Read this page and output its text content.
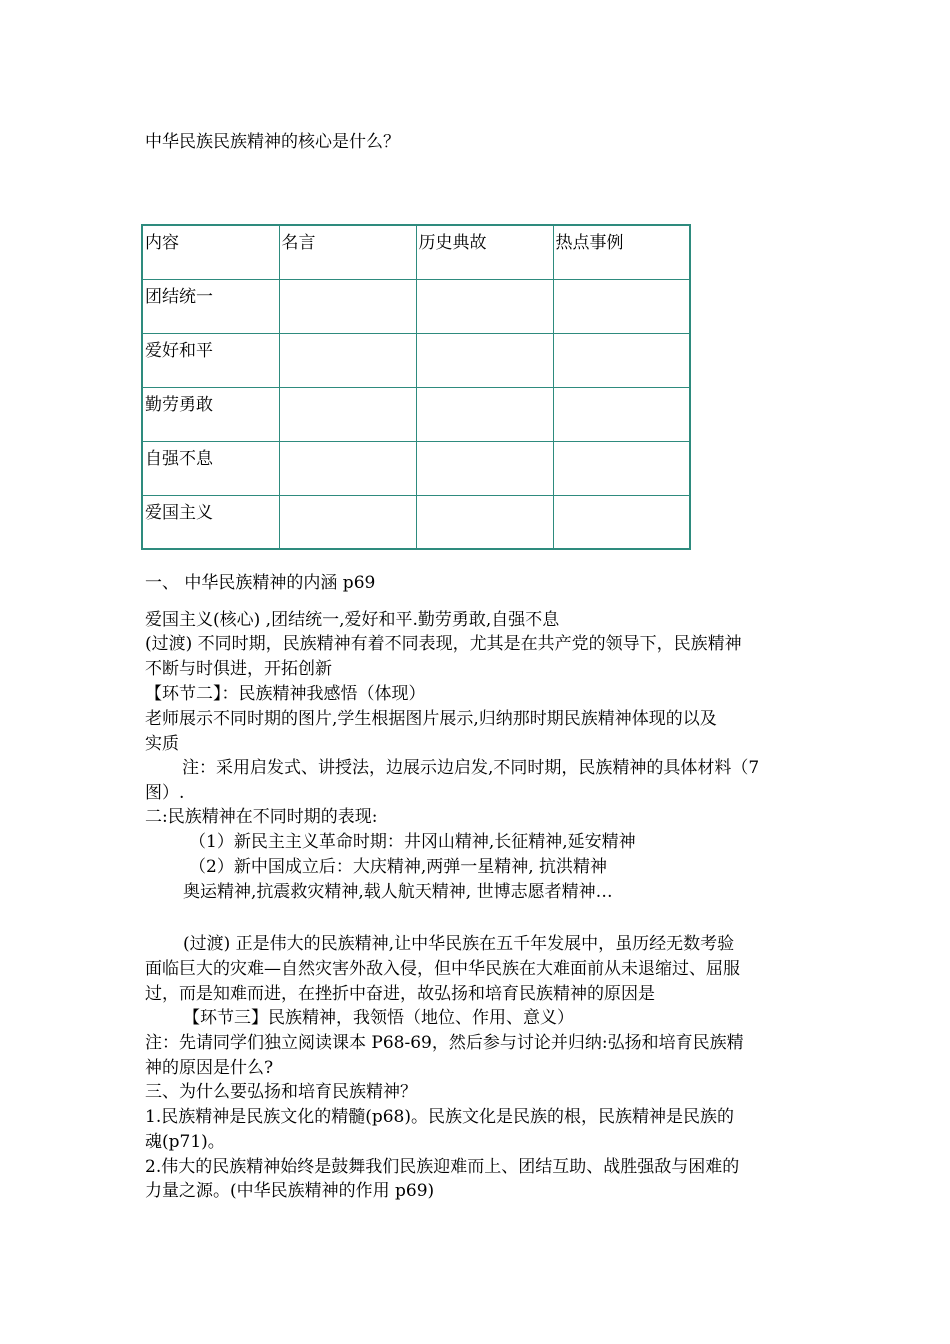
中华民族民族精神的核心是什么？
内容	名言	历史典故	热点事例
团结统一			
爱好和平			
勤劳勇敢			
自强不息			
爱国主义			
一、 中华民族精神的内涵 p69
爱国主义(核心) ,团结统一,爱好和平.勤劳勇敢,自强不息
(过渡) 不同时期，民族精神有着不同表现，尤其是在共产党的领导下，民族精神
不断与时俱进，开拓创新
【环节二】：民族精神我感悟（体现）
老师展示不同时期的图片,学生根据图片展示,归纳那时期民族精神体现的以及
实质
注：采用启发式、讲授法，边展示边启发,不同时期，民族精神的具体材料（7
图）.
二:民族精神在不同时期的表现:
（1）新民主主义革命时期：井冈山精神,长征精神,延安精神
（2）新中国成立后：大庆精神,两弹一星精神, 抗洪精神
奥运精神,抗震救灾精神,载人航天精神, 世博志愿者精神…
(过渡) 正是伟大的民族精神,让中华民族在五千年发展中，虽历经无数考验
面临巨大的灾难—自然灾害外敌入侵，但中华民族在大难面前从未退缩过、屈服
过，而是知难而进，在挫折中奋进，故弘扬和培育民族精神的原因是
【环节三】民族精神，我领悟（地位、作用、意义）
注：先请同学们独立阅读课本 P68-69，然后参与讨论并归纳:弘扬和培育民族精
神的原因是什么?
三、为什么要弘扬和培育民族精神？
1.民族精神是民族文化的精髓(p68)。民族文化是民族的根，民族精神是民族的
魂(p71)。
2.伟大的民族精神始终是鼓舞我们民族迎难而上、团结互助、战胜强敌与困难的
力量之源。(中华民族精神的作用 p69)
